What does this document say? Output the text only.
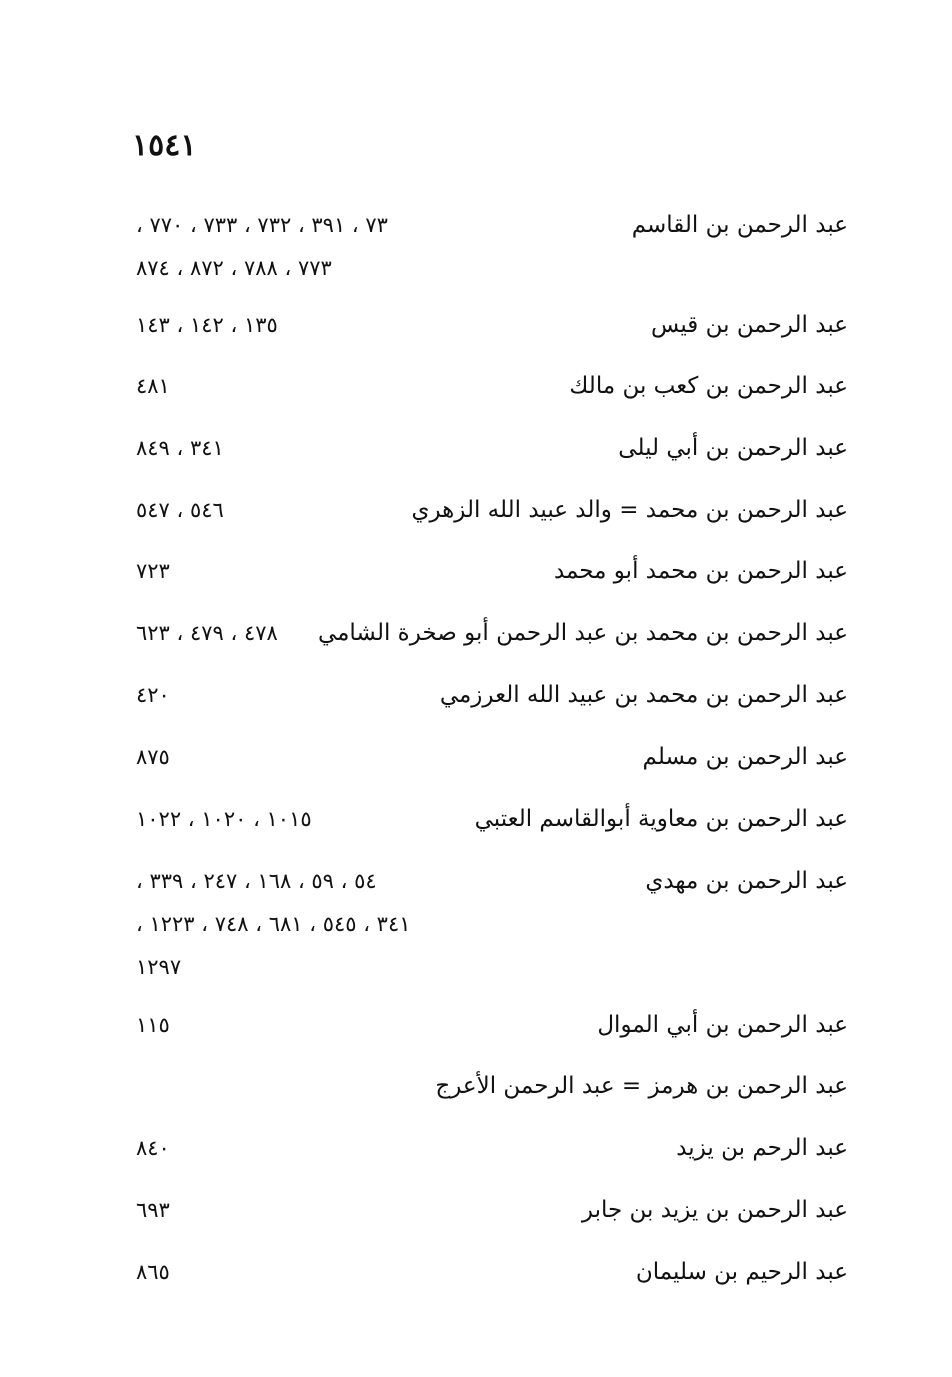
١٥٤١
عبد الرحمن بن القاسم
٧٣ ، ٣٩١ ، ٧٣٢ ، ٧٣٣ ، ٧٧٠ ،
٧٧٣ ، ٧٨٨ ، ٨٧٢ ، ٨٧٤
عبد الرحمن بن قيس
١٣٥ ، ١٤٢ ، ١٤٣
عبد الرحمن بن كعب بن مالك
٤٨١
عبد الرحمن بن أبي ليلى
٣٤١ ، ٨٤٩
عبد الرحمن بن محمد = والد عبيد الله الزهري
٥٤٦ ، ٥٤٧
عبد الرحمن بن محمد أبو محمد
٧٢٣
عبد الرحمن بن محمد بن عبد الرحمن أبو صخرة الشامي
٤٧٨ ، ٤٧٩ ، ٦٢٣
عبد الرحمن بن محمد بن عبيد الله العرزمي
٤٢٠
عبد الرحمن بن مسلم
٨٧٥
عبد الرحمن بن معاوية أبوالقاسم العتبي
١٠١٥ ، ١٠٢٠ ، ١٠٢٢
عبد الرحمن بن مهدي
٥٤ ، ٥٩ ، ١٦٨ ، ٢٤٧ ، ٣٣٩ ،
٣٤١ ، ٥٤٥ ، ٦٨١ ، ٧٤٨ ، ١٢٢٣ ،
١٢٩٧
عبد الرحمن بن أبي الموال
١١٥
عبد الرحمن بن هرمز = عبد الرحمن الأعرج
عبد الرحم بن يزيد
٨٤٠
عبد الرحمن بن يزيد بن جابر
٦٩٣
عبد الرحيم بن سليمان
٨٦٥
